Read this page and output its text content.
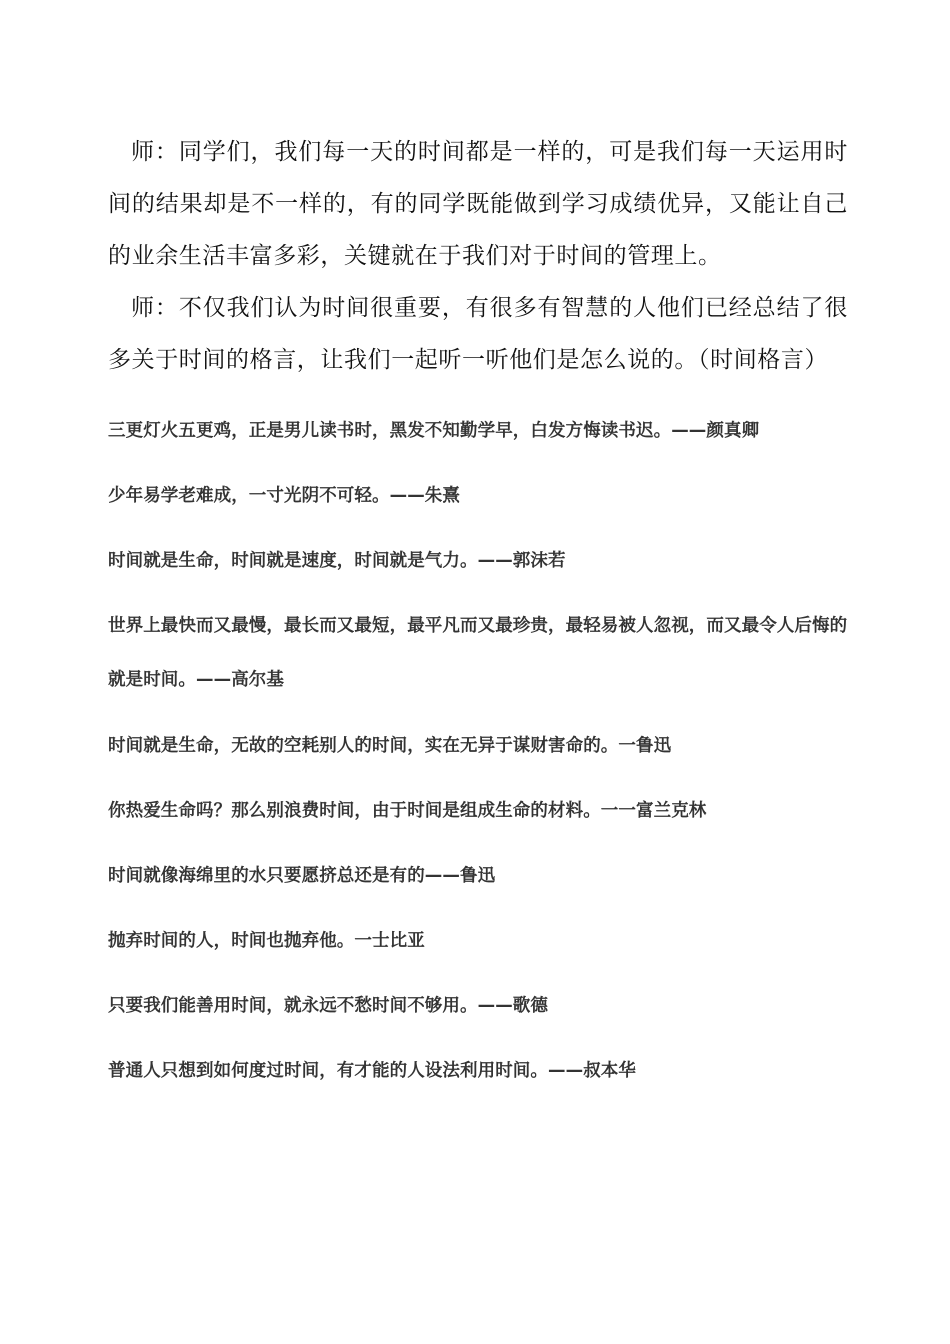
师：同学们，我们每一天的时间都是一样的，可是我们每一天运用时间的结果却是不一样的，有的同学既能做到学习成绩优异，又能让自己的业余生活丰富多彩，关键就在于我们对于时间的管理上。

师：不仅我们认为时间很重要，有很多有智慧的人他们已经总结了很多关于时间的格言，让我们一起听一听他们是怎么说的。（时间格言）

三更灯火五更鸡，正是男儿读书时，黑发不知勤学早，白发方悔读书迟。——颜真卿

少年易学老难成，一寸光阴不可轻。——朱熹

时间就是生命，时间就是速度，时间就是气力。——郭沫若

世界上最快而又最慢，最长而又最短，最平凡而又最珍贵，最轻易被人忽视，而又最令人后悔的就是时间。——高尔基

时间就是生命，无故的空耗别人的时间，实在无异于谋财害命的。一鲁迅

你热爱生命吗？那么别浪费时间，由于时间是组成生命的材料。一一富兰克林

时间就像海绵里的水只要愿挤总还是有的——鲁迅

抛弃时间的人，时间也抛弃他。一士比亚

只要我们能善用时间，就永远不愁时间不够用。——歌德

普通人只想到如何度过时间，有才能的人设法利用时间。——叔本华
